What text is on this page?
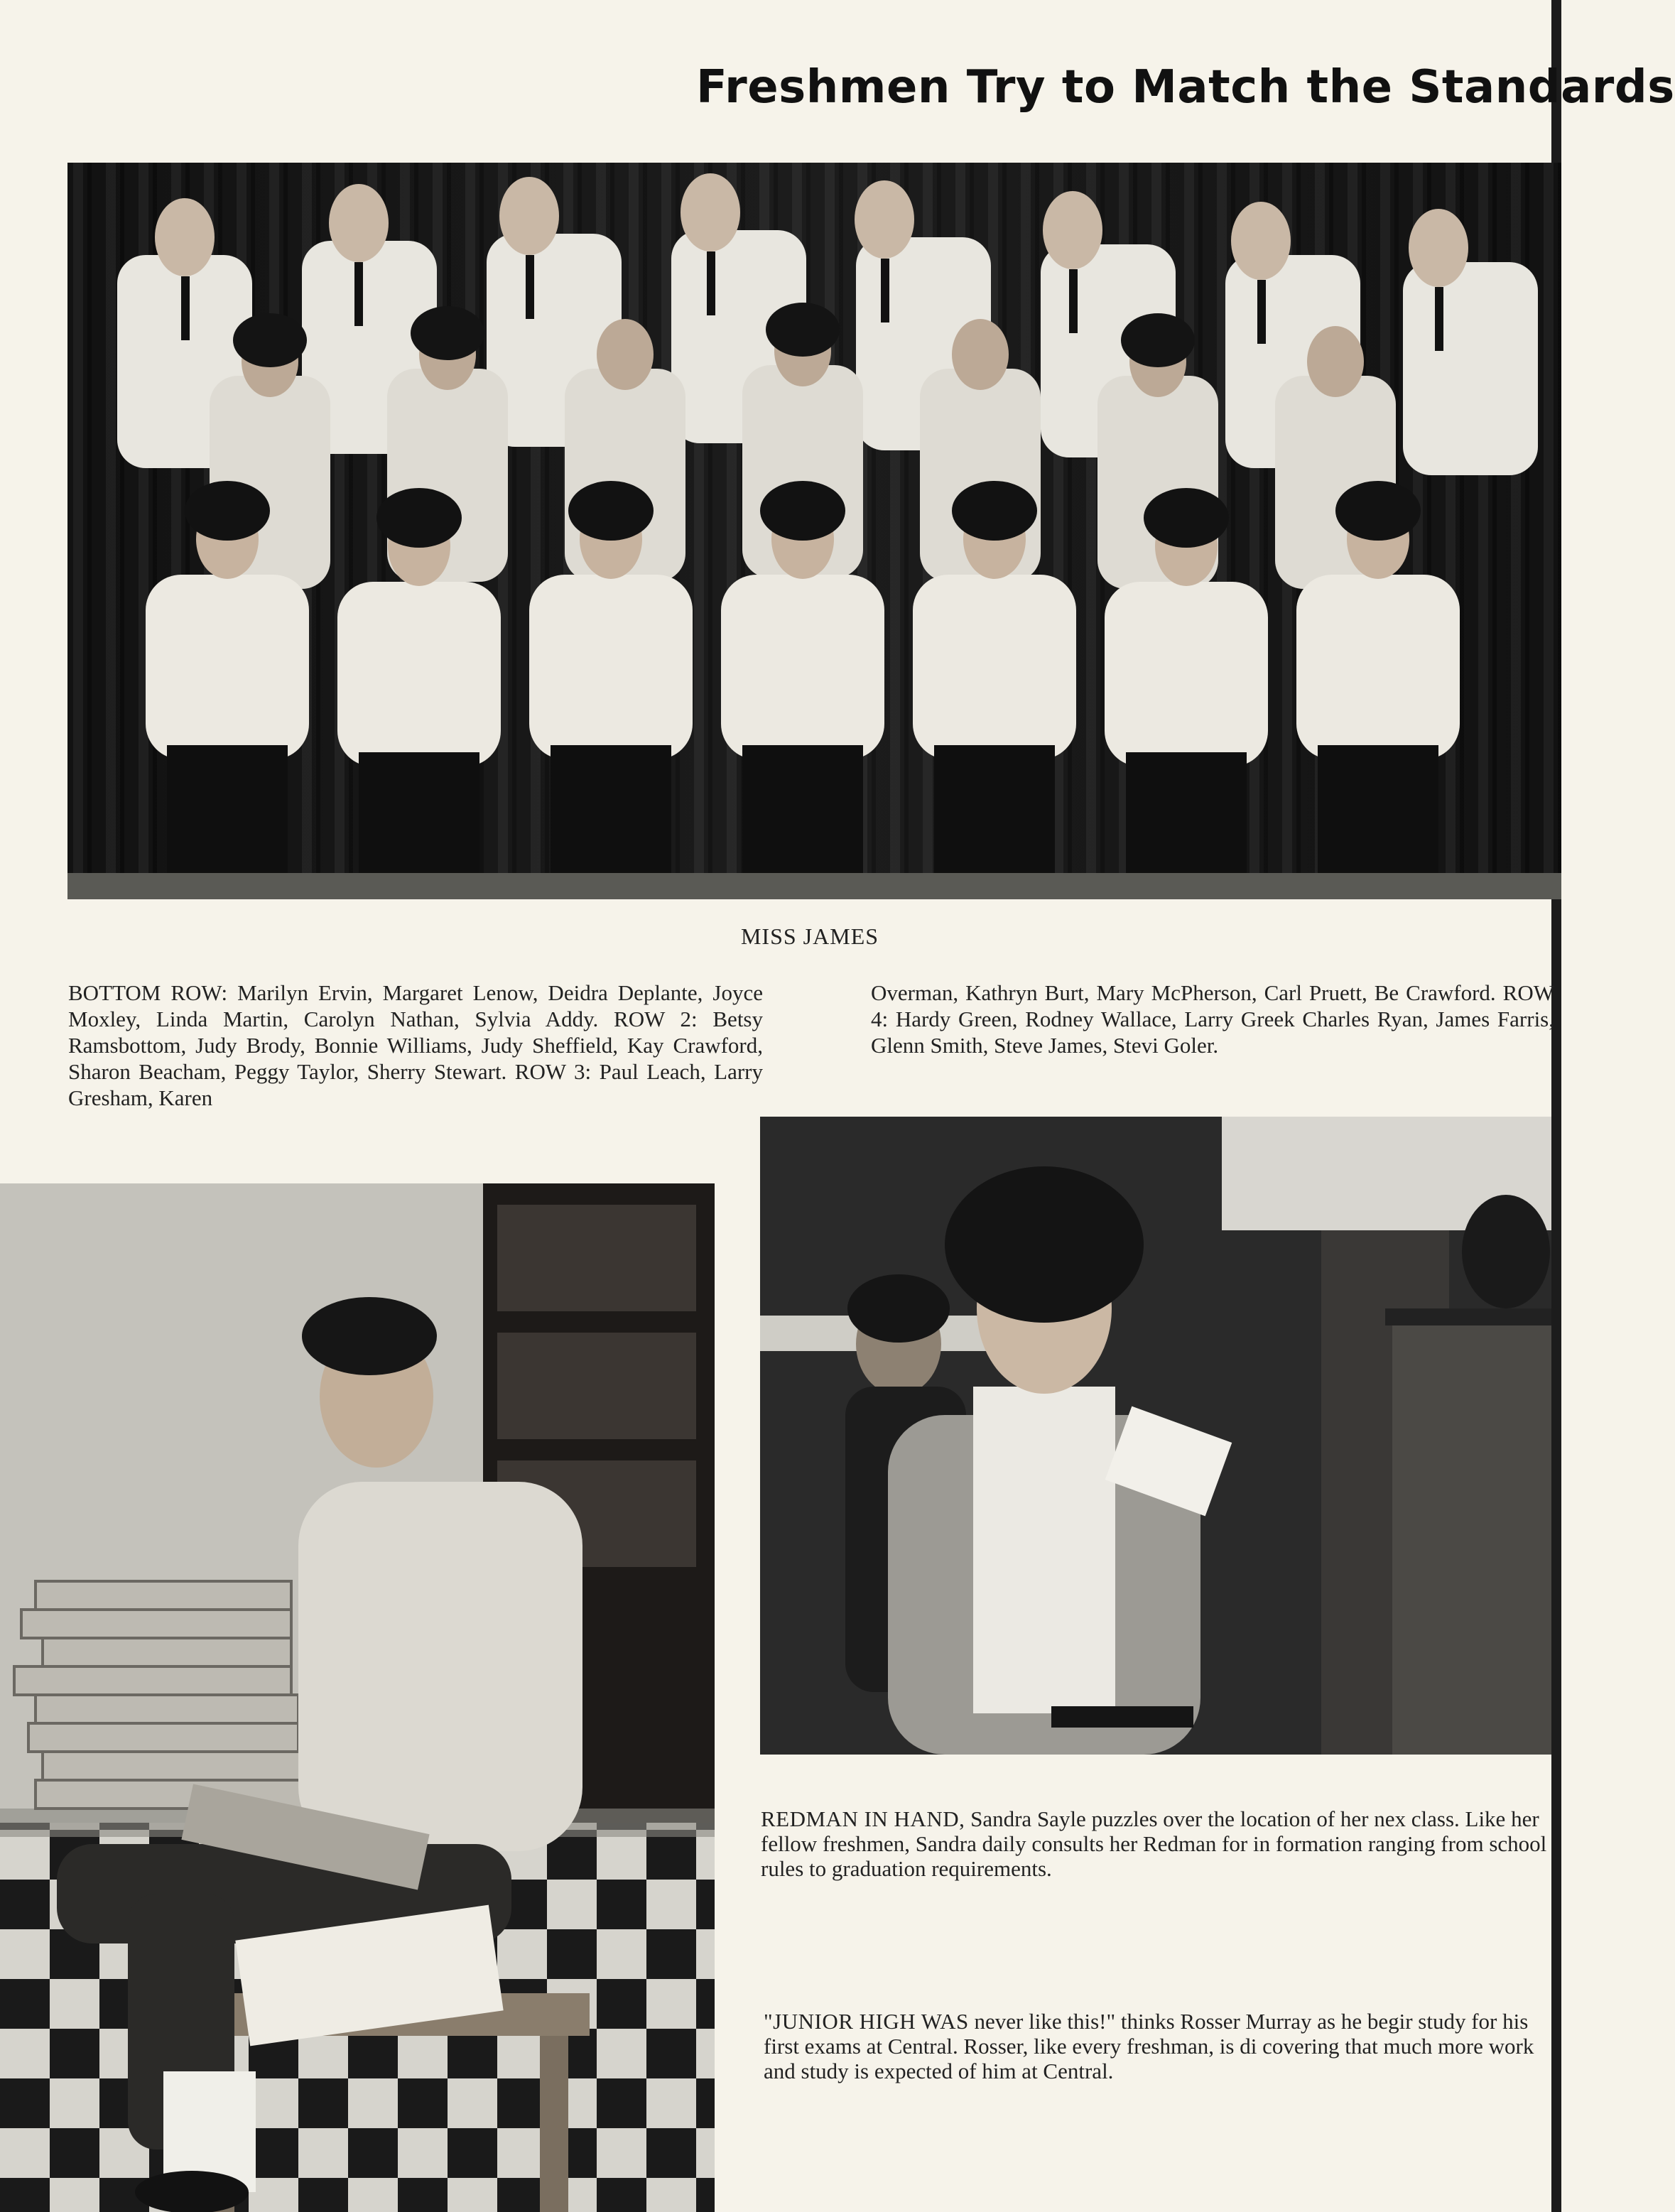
Freshmen Try to Match the Standards
MISS JAMES

BOTTOM ROW: Marilyn Ervin, Margaret Lenow, Deidra Deplante, Joyce Moxley, Linda Martin, Carolyn Nathan, Sylvia Addy. ROW 2: Betsy Ramsbottom, Judy Brody, Bonnie Williams, Judy Sheffield, Kay Crawford, Sharon Beacham, Peggy Taylor, Sherry Stewart. ROW 3: Paul Leach, Larry Gresham, Karen

Overman, Kathryn Burt, Mary McPherson, Carl Pruett, Be Crawford. ROW 4: Hardy Green, Rodney Wallace, Larry Greek Charles Ryan, James Farris, Glenn Smith, Steve James, Stevi Goler.

REDMAN IN HAND, Sandra Sayle puzzles over the location of her nex class. Like her fellow freshmen, Sandra daily consults her Redman for in formation ranging from school rules to graduation requirements.

"JUNIOR HIGH WAS never like this!" thinks Rosser Murray as he begir study for his first exams at Central. Rosser, like every freshman, is di covering that much more work and study is expected of him at Central.
